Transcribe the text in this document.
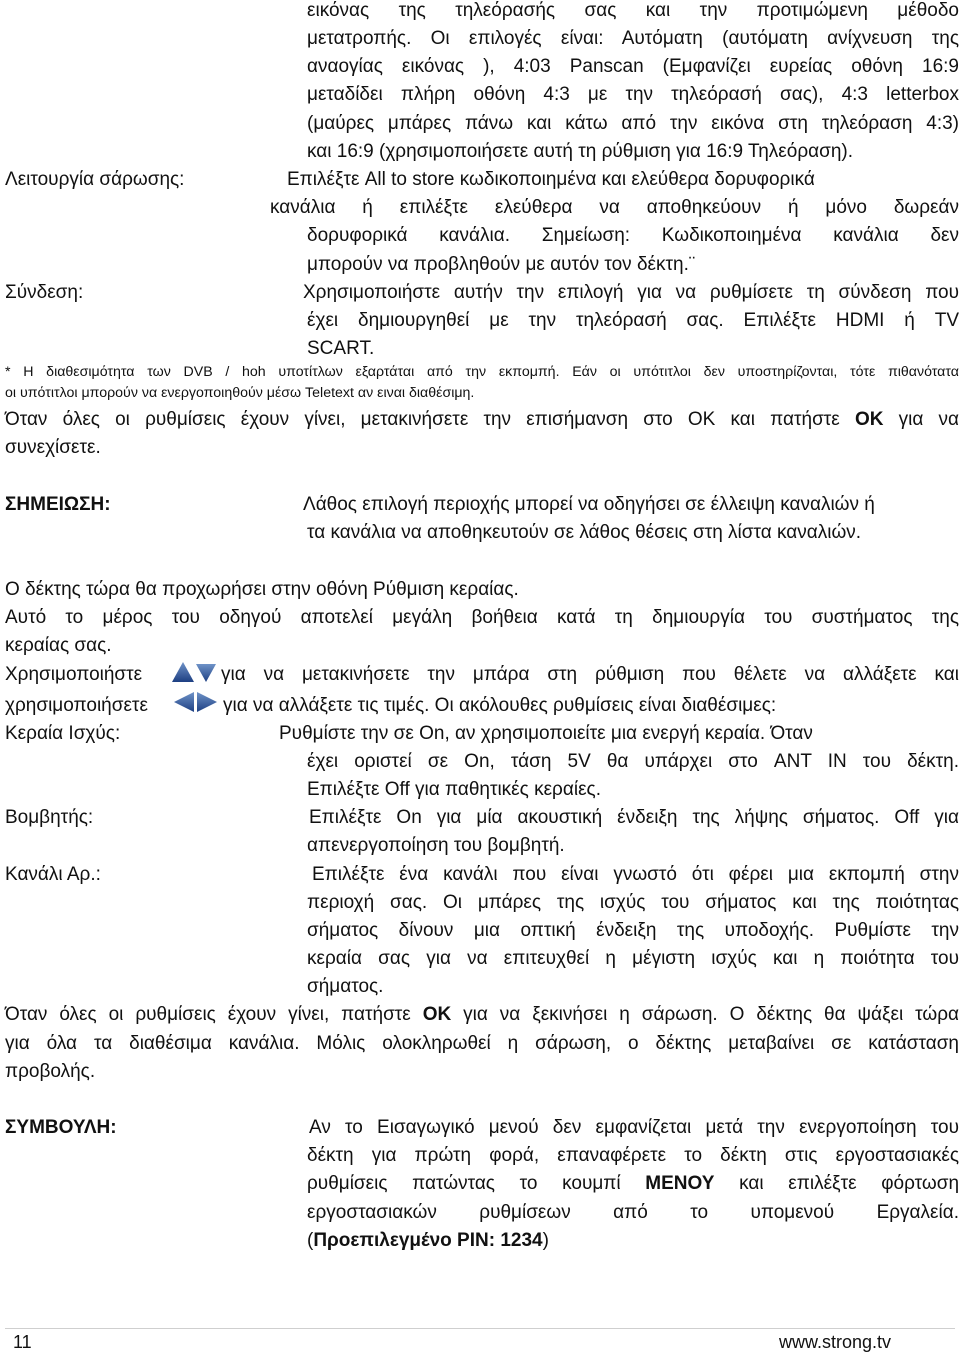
εικόνας της τηλεόρασής σας και την προτιμώμενη μέθοδο
μετατροπής. Οι επιλογές είναι: Αυτόματη (αυτόματη ανίχνευση της
αναογίας εικόνας ), 4:03 Panscan (Εμφανίζει ευρείας οθόνη 16:9
μεταδίδει πλήρη οθόνη 4:3 με την τηλεόρασή σας), 4:3 letterbox
(μαύρες μπάρες πάνω και κάτω από την εικόνα στη τηλεόραση 4:3)
και 16:9 (χρησιμοποιήσετε αυτή τη ρύθμιση για 16:9 Τηλεόραση).
Λειτουργία σάρωσης:	Επιλέξτε All to store κωδικοποιημένα και ελεύθερα δορυφορικά
κανάλια ή επιλέξτε ελεύθερα να αποθηκεύουν ή μόνο δωρεάν
δορυφορικά κανάλια. Σημείωση: Κωδικοποιημένα κανάλια δεν
μπορούν να προβληθούν με αυτόν τον δέκτη.¨
Σύνδεση:	Χρησιμοποιήστε αυτήν την επιλογή για να ρυθμίσετε τη σύνδεση που
έχει δημιουργηθεί με την τηλεόρασή σας. Επιλέξτε HDMI ή TV
SCART.
* Η διαθεσιμότητα των DVB / hoh υποτίτλων εξαρτάται από την εκπομπή. Εάν οι υπότιτλοι δεν υποστηρίζονται, τότε πιθανότατα
οι υπότιτλοι μπορούν να ενεργοποιηθούν μέσω Teletext αν ειναι διαθέσιμη.
Όταν όλες οι ρυθμίσεις έχουν γίνει, μετακινήσετε την επισήμανση στο ΟΚ και πατήστε ΟΚ για να
συνεχίσετε.
ΣΗΜΕΙΩΣΗ:	Λάθος επιλογή περιοχής μπορεί να οδηγήσει σε έλλειψη καναλιών ή
τα κανάλια να αποθηκευτούν σε λάθος θέσεις στη λίστα καναλιών.
Ο δέκτης τώρα θα προχωρήσει στην οθόνη Ρύθμιση κεραίας.
Αυτό το μέρος του οδηγού αποτελεί μεγάλη βοήθεια κατά τη δημιουργία του συστήματος της
κεραίας σας.
Χρησιμοποιήστε	για να μετακινήσετε την μπάρα στη ρύθμιση που θέλετε να αλλάξετε και
χρησιμοποιήσετε	για να αλλάξετε τις τιμές. Οι ακόλουθες ρυθμίσεις είναι διαθέσιμες:
Κεραία Ισχύς:	Ρυθμίστε την σε On, αν χρησιμοποιείτε μια ενεργή κεραία. Όταν
έχει οριστεί σε On, τάση 5V θα υπάρχει στο ANT IN του δέκτη.
Επιλέξτε Off για παθητικές κεραίες.
Βομβητής:	Επιλέξτε On για μία ακουστική ένδειξη της λήψης σήματος. Off για
απενεργοποίηση του βομβητή.
Κανάλι Αρ.:	Επιλέξτε ένα κανάλι που είναι γνωστό ότι φέρει μια εκπομπή στην
περιοχή σας. Οι μπάρες της ισχύς του σήματος και της ποιότητας
σήματος δίνουν μια οπτική ένδειξη της υποδοχής. Ρυθμίστε την
κεραία σας για να επιτευχθεί η μέγιστη ισχύς και η ποιότητα του
σήματος.
Όταν όλες οι ρυθμίσεις έχουν γίνει, πατήστε ΟΚ για να ξεκινήσει η σάρωση. Ο δέκτης θα ψάξει τώρα
για όλα τα διαθέσιμα κανάλια. Μόλις ολοκληρωθεί η σάρωση, ο δέκτης μεταβαίνει σε κατάσταση
προβολής.
ΣΥΜΒΟΥΛΗ:	Αν το Εισαγωγικό μενού δεν εμφανίζεται μετά την ενεργοποίηση του
δέκτη για πρώτη φορά, επαναφέρετε το δέκτη στις εργοστασιακές
ρυθμίσεις πατώντας το κουμπί ΜΕΝΟΥ και επιλέξτε φόρτωση
εργοστασιακών ρυθμίσεων από το υπομενού Εργαλεία.
(Προεπιλεγμένο PIN: 1234)
11	www.strong.tv
